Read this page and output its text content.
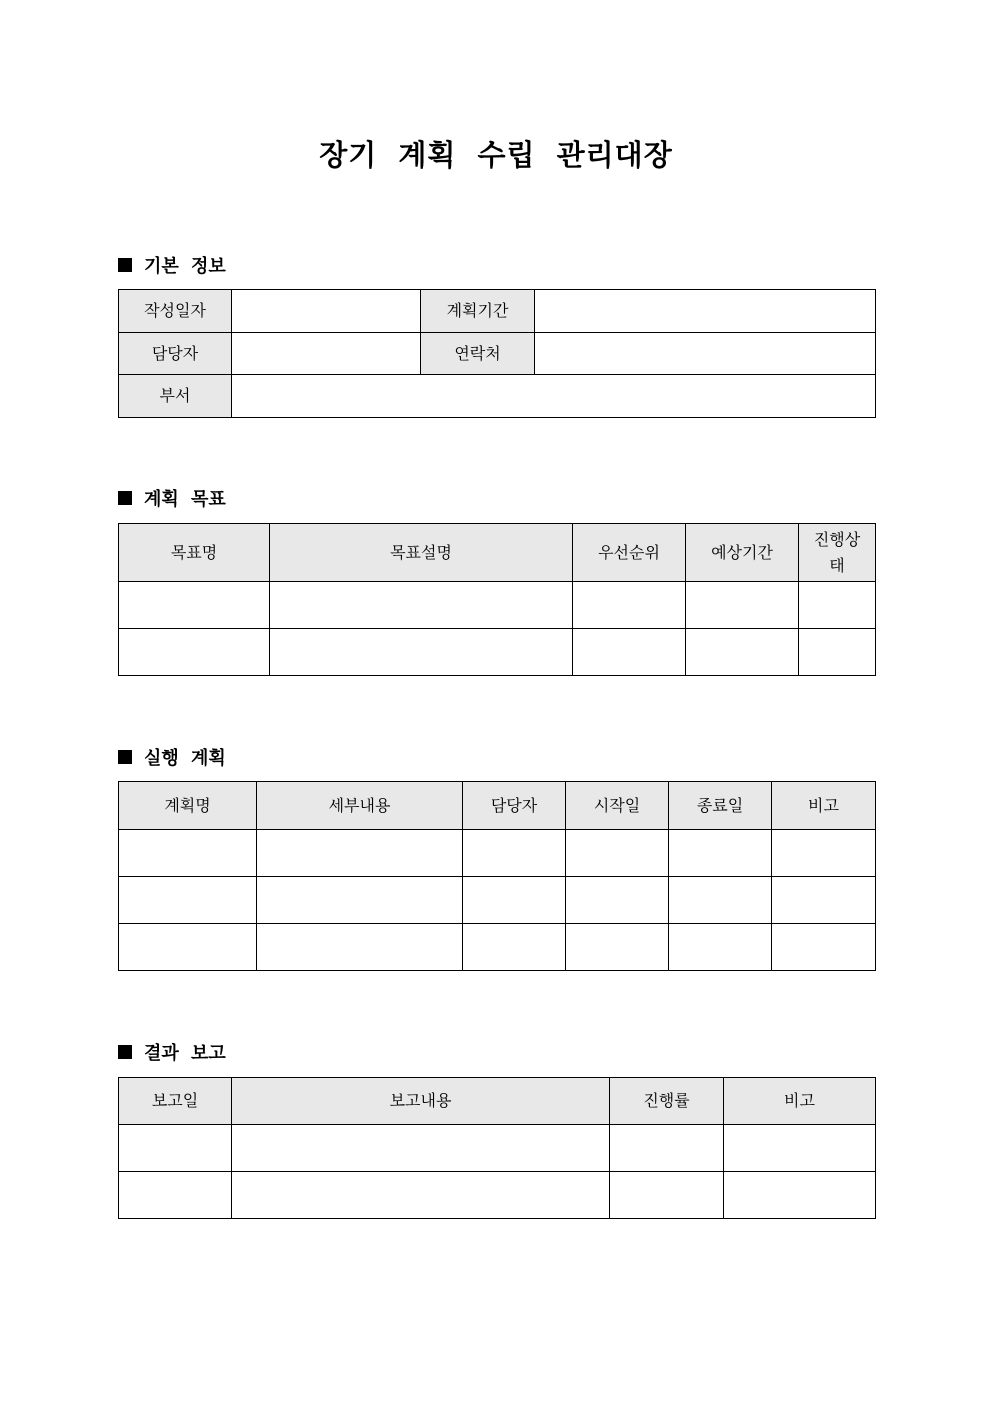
장기 계획 수립 관리대장
기본 정보
작성일자		계획기간	
담당자		연락처	
부서			
계획 목표
목표명	목표설명	우선순위	예상기간	진행상태

실행 계획
계획명	세부내용	담당자	시작일	종료일	비고

결과 보고
보고일	보고내용	진행률	비고
